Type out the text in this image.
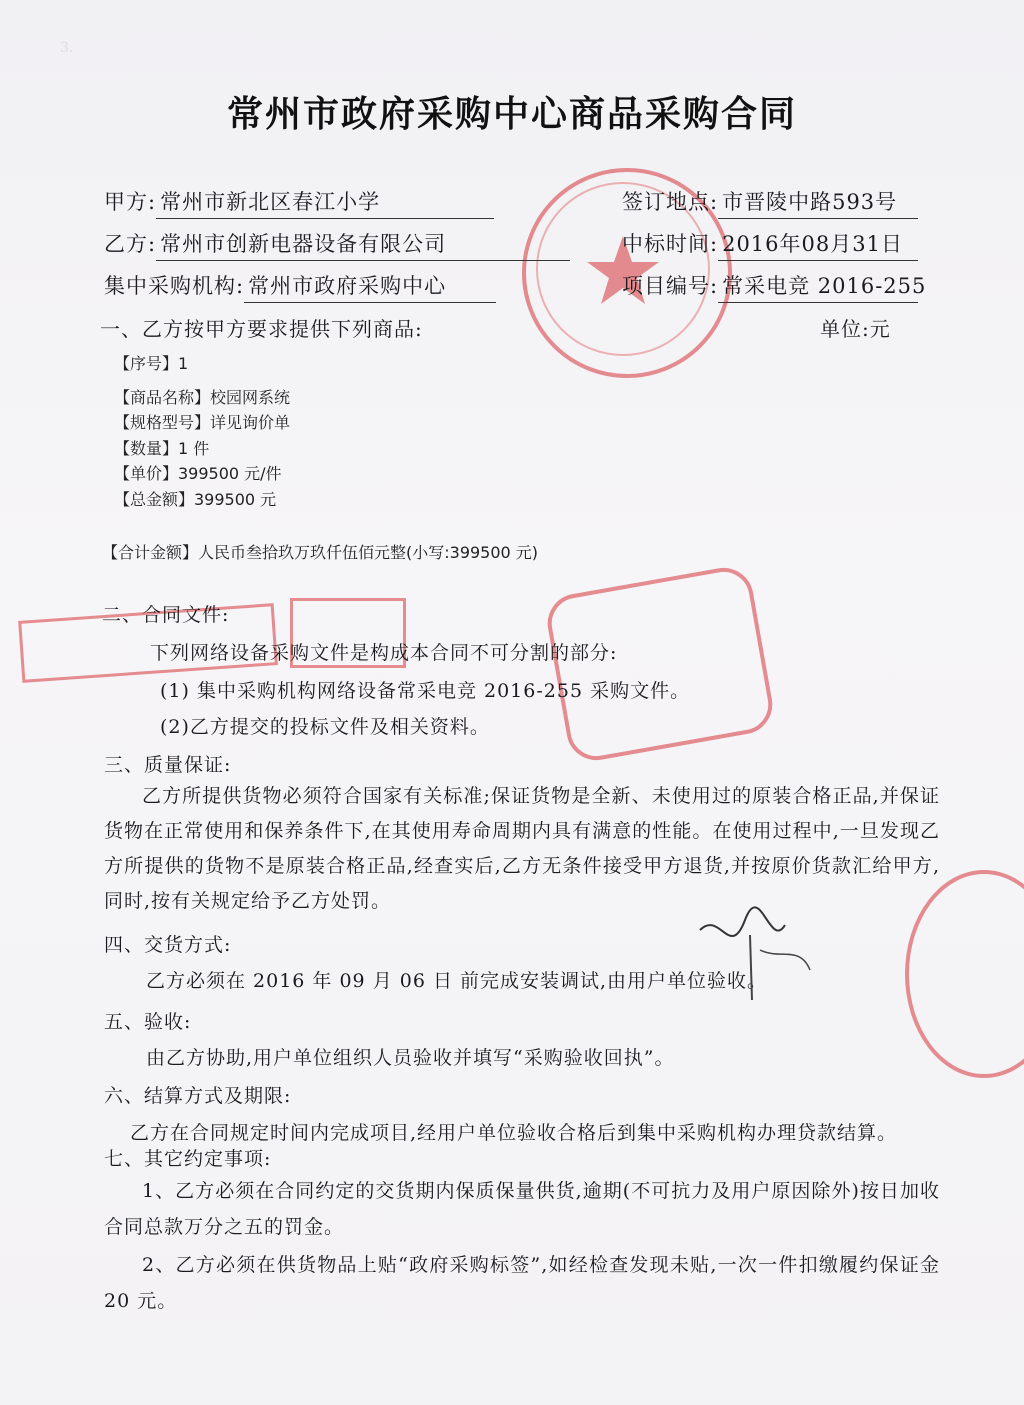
3.
常州市政府采购中心商品采购合同
甲方: 常州市新北区春江小学	签订地点: 市晋陵中路593号
乙方: 常州市创新电器设备有限公司	中标时间: 2016年08月31日
集中采购机构: 常州市政府采购中心	项目编号: 常采电竞 2016-255
一、乙方按甲方要求提供下列商品:	单位:元
【序号】1
【商品名称】校园网系统
【规格型号】详见询价单
【数量】1 件
【单价】399500 元/件
【总金额】399500 元
【合计金额】人民币叁拾玖万玖仟伍佰元整(小写:399500 元)
二、合同文件:
下列网络设备采购文件是构成本合同不可分割的部分:
(1) 集中采购机构网络设备常采电竞 2016-255 采购文件。
(2)乙方提交的投标文件及相关资料。
三、质量保证:
乙方所提供货物必须符合国家有关标准;保证货物是全新、未使用过的原装合格正品,并保证货物在正常使用和保养条件下,在其使用寿命周期内具有满意的性能。在使用过程中,一旦发现乙方所提供的货物不是原装合格正品,经查实后,乙方无条件接受甲方退货,并按原价货款汇给甲方,同时,按有关规定给予乙方处罚。
四、交货方式:
乙方必须在 2016 年 09 月 06 日 前完成安装调试,由用户单位验收。
五、验收:
由乙方协助,用户单位组织人员验收并填写“采购验收回执”。
六、结算方式及期限:
乙方在合同规定时间内完成项目,经用户单位验收合格后到集中采购机构办理贷款结算。
七、其它约定事项:
1、乙方必须在合同约定的交货期内保质保量供货,逾期(不可抗力及用户原因除外)按日加收合同总款万分之五的罚金。
2、乙方必须在供货物品上贴“政府采购标签”,如经检查发现未贴,一次一件扣缴履约保证金 20 元。
